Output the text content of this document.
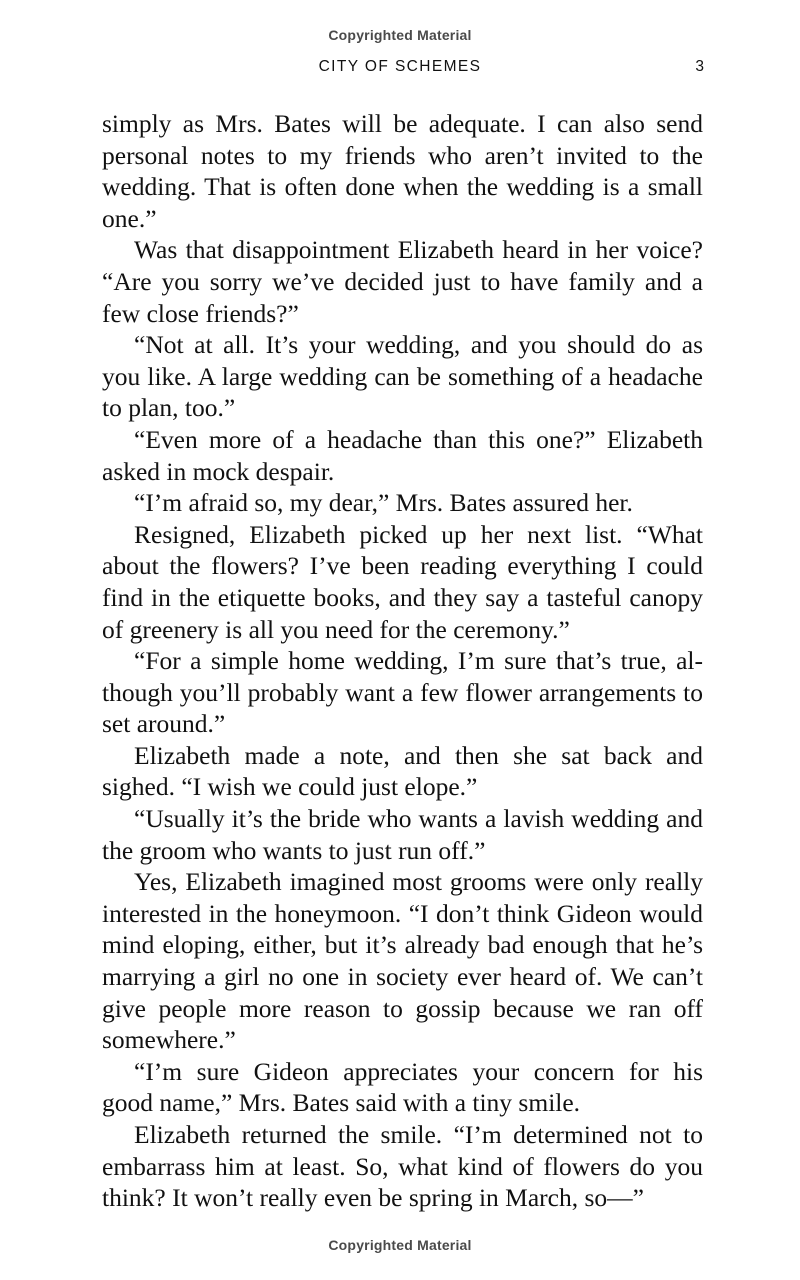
Copyrighted Material
CITY OF SCHEMES	3

simply as Mrs. Bates will be adequate. I can also send personal notes to my friends who aren’t invited to the wedding. That is often done when the wedding is a small one.”

Was that disappointment Elizabeth heard in her voice? “Are you sorry we’ve decided just to have family and a few close friends?”

“Not at all. It’s your wedding, and you should do as you like. A large wedding can be something of a headache to plan, too.”

“Even more of a headache than this one?” Elizabeth asked in mock despair.

“I’m afraid so, my dear,” Mrs. Bates assured her.

Resigned, Elizabeth picked up her next list. “What about the flowers? I’ve been reading everything I could find in the etiquette books, and they say a tasteful canopy of greenery is all you need for the ceremony.”

“For a simple home wedding, I’m sure that’s true, although you’ll probably want a few flower arrangements to set around.”

Elizabeth made a note, and then she sat back and sighed. “I wish we could just elope.”

“Usually it’s the bride who wants a lavish wedding and the groom who wants to just run off.”

Yes, Elizabeth imagined most grooms were only really interested in the honeymoon. “I don’t think Gideon would mind eloping, either, but it’s already bad enough that he’s marrying a girl no one in society ever heard of. We can’t give people more reason to gossip because we ran off somewhere.”

“I’m sure Gideon appreciates your concern for his good name,” Mrs. Bates said with a tiny smile.

Elizabeth returned the smile. “I’m determined not to embarrass him at least. So, what kind of flowers do you think? It won’t really even be spring in March, so—”

Copyrighted Material
